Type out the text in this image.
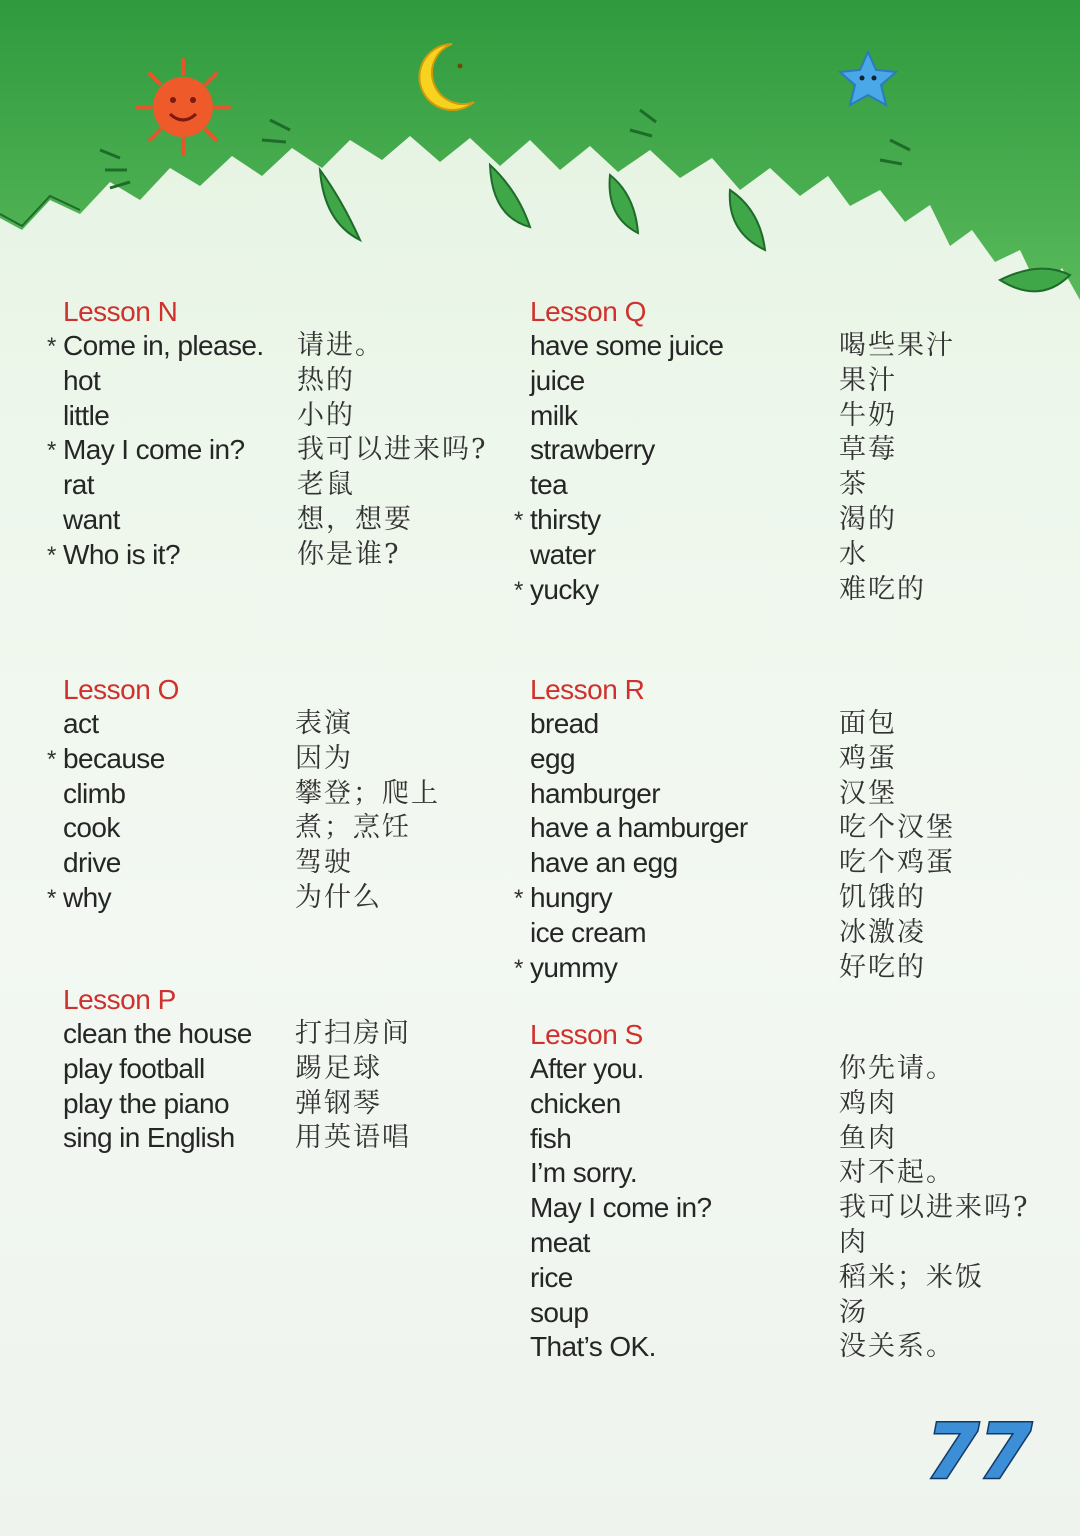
Lesson N
* Come in, please. 请进。
hot	热的
little	小的
* May I come in? 我可以进来吗?
rat	老鼠
want	想，想要
* Who is it?	你是谁?
Lesson O
act	表演
* because	因为
climb	攀登；爬上
cook	煮；烹饪
drive	驾驶
* why	为什么
Lesson P
clean the house 打扫房间
play football	踢足球
play the piano 弹钢琴
sing in English 用英语唱
Lesson Q
have some juice	喝些果汁
juice	果汁
milk	牛奶
strawberry	草莓
tea	茶
* thirsty	渴的
water	水
* yucky	难吃的
Lesson R
bread	面包
egg	鸡蛋
hamburger	汉堡
have a hamburger	吃个汉堡
have an egg	吃个鸡蛋
* hungry	饥饿的
ice cream	冰激凌
* yummy	好吃的
Lesson S
After you.	你先请。
chicken	鸡肉
fish	鱼肉
I’m sorry.	对不起。
May I come in?	我可以进来吗?
meat	肉
rice	稻米；米饭
soup	汤
That’s OK.	没关系。
77
